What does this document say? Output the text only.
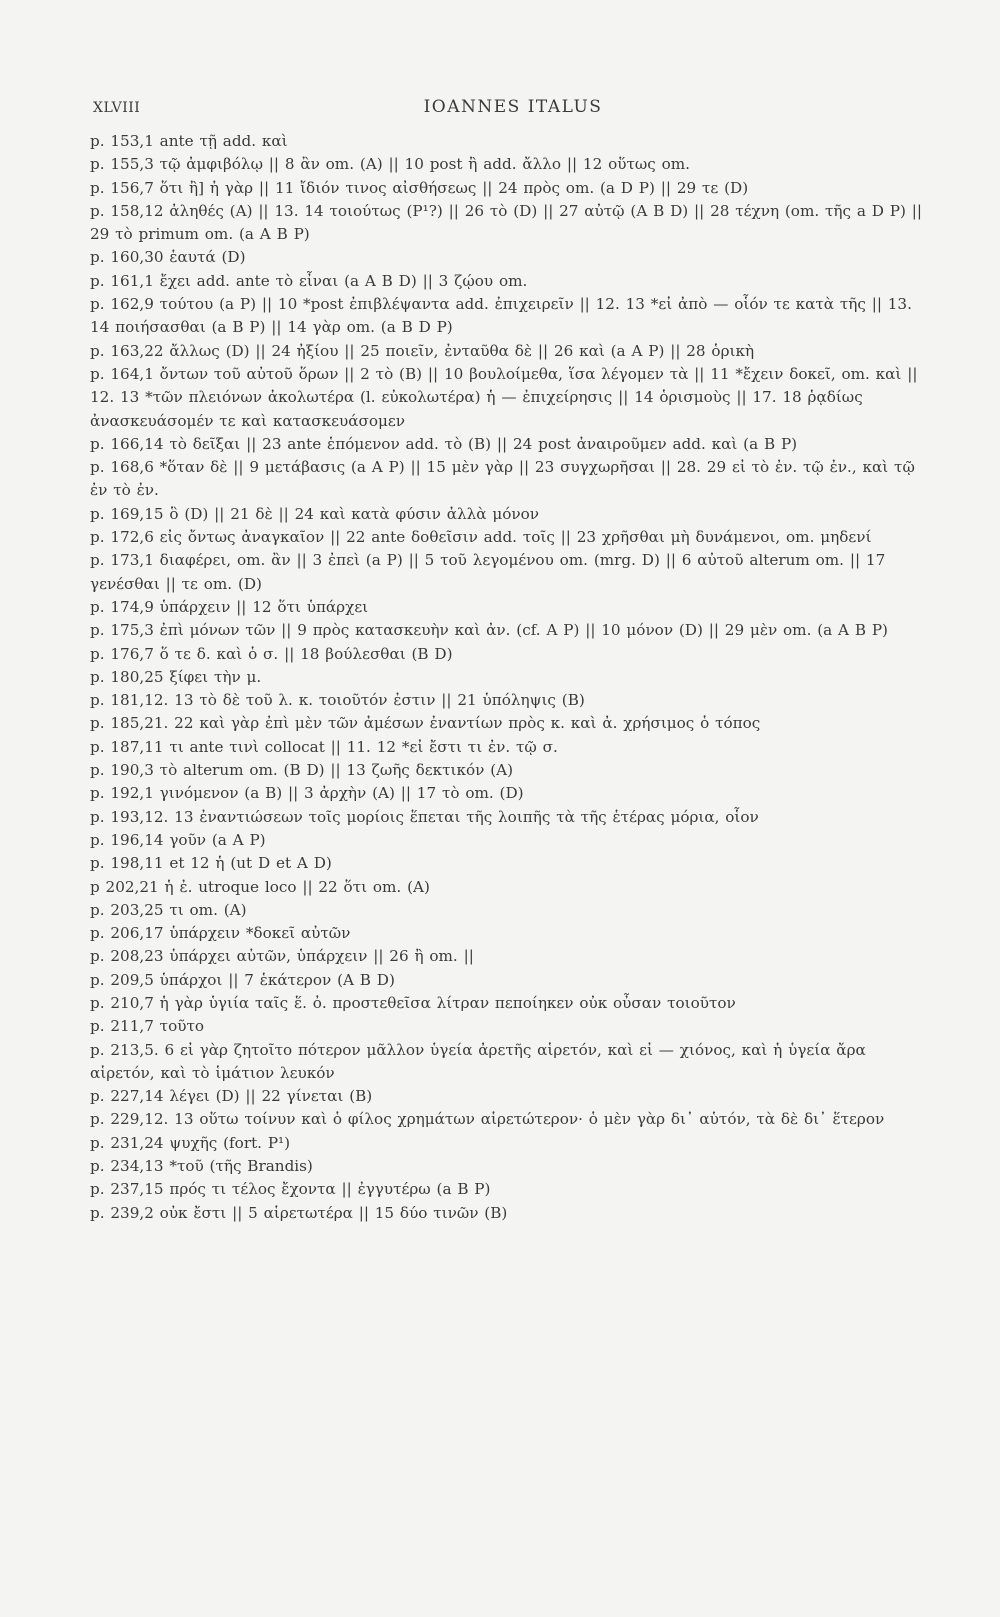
XLVIII	IOANNES ITALUS
p. 153,1 ante τῇ add. καὶ
p. 155,3 τῷ ἀμφιβόλῳ || 8 ἂν om. (A) || 10 post ἢ add. ἄλλο || 12 οὕτως om.
p. 156,7 ὅτι ἢ] ἡ γὰρ || 11 ἴδιόν τινος αἰσθήσεως || 24 πρὸς om. (a D P) || 29 τε (D)
p. 158,12 ἀληθές (A) || 13. 14 τοιούτως (P¹?) || 26 τὸ (D) || 27 αὐτῷ (A B D) || 28 τέχνη (om. τῆς a D P) || 29 τὸ primum om. (a A B P)
p. 160,30 ἑαυτά (D)
p. 161,1 ἔχει add. ante τὸ εἶναι (a A B D) || 3 ζῴου om.
p. 162,9 τούτου (a P) || 10 *post ἐπιβλέψαντα add. ἐπιχειρεῖν || 12. 13 *εἰ ἀπὸ — οἷόν τε κατὰ τῆς || 13. 14 ποιήσασθαι (a B P) || 14 γὰρ om. (a B D P)
p. 163,22 ἄλλως (D) || 24 ἠξίου || 25 ποιεῖν, ἐνταῦθα δὲ || 26 καὶ (a A P) || 28 ὁρικὴ
p. 164,1 ὄντων τοῦ αὐτοῦ ὅρων || 2 τὸ (B) || 10 βουλοίμεθα, ἵσα λέγομεν τὰ || 11 *ἔχειν δοκεῖ, om. καὶ || 12. 13 *τῶν πλειόνων ἀκολωτέρα (l. εὐκολωτέρα) ἡ — ἐπιχείρησις || 14 ὁρισμοὺς || 17. 18 ῥᾳδίως ἀνασκευάσομέν τε καὶ κατασκευάσομεν
p. 166,14 τὸ δεῖξαι || 23 ante ἑπόμενον add. τὸ (B) || 24 post ἀναιροῦμεν add. καὶ (a B P)
p. 168,6 *ὅταν δὲ || 9 μετάβασις (a A P) || 15 μὲν γὰρ || 23 συγχωρῆσαι || 28. 29 εἰ τὸ ἐν. τῷ ἐν., καὶ τῷ ἐν τὸ ἐν.
p. 169,15 ὃ (D) || 21 δὲ || 24 καὶ κατὰ φύσιν ἀλλὰ μόνον
p. 172,6 εἰς ὄντως ἀναγκαῖον || 22 ante δοθεῖσιν add. τοῖς || 23 χρῆσθαι μὴ δυνάμενοι, om. μηδενί
p. 173,1 διαφέρει, om. ἂν || 3 ἐπεὶ (a P) || 5 τοῦ λεγομένου om. (mrg. D) || 6 αὐτοῦ alterum om. || 17 γενέσθαι || τε om. (D)
p. 174,9 ὑπάρχειν || 12 ὅτι ὑπάρχει
p. 175,3 ἐπὶ μόνων τῶν || 9 πρὸς κατασκευὴν καὶ ἀν. (cf. A P) || 10 μόνον (D) || 29 μὲν om. (a A B P)
p. 176,7 ὅ τε δ. καὶ ὁ σ. || 18 βούλεσθαι (B D)
p. 180,25 ξίφει τὴν μ.
p. 181,12. 13 τὸ δὲ τοῦ λ. κ. τοιοῦτόν ἐστιν || 21 ὑπόληψις (B)
p. 185,21. 22 καὶ γὰρ ἐπὶ μὲν τῶν ἀμέσων ἐναντίων πρὸς κ. καὶ ἀ. χρήσιμος ὁ τόπος
p. 187,11 τι ante τινὶ collocat || 11. 12 *εἰ ἔστι τι ἐν. τῷ σ.
p. 190,3 τὸ alterum om. (B D) || 13 ζωῆς δεκτικόν (A)
p. 192,1 γινόμενον (a B) || 3 ἀρχὴν (A) || 17 τὸ om. (D)
p. 193,12. 13 ἐναντιώσεων τοῖς μορίοις ἕπεται τῆς λοιπῆς τὰ τῆς ἑτέρας μόρια, οἷον
p. 196,14 γοῦν (a A P)
p. 198,11 et 12 ἡ (ut D et A D)
p 202,21 ἡ ἐ. utroque loco || 22 ὅτι om. (A)
p. 203,25 τι om. (A)
p. 206,17 ὑπάρχειν *δοκεῖ αὐτῶν
p. 208,23 ὑπάρχει αὐτῶν, ὑπάρχειν || 26 ἢ om. ||
p. 209,5 ὑπάρχοι || 7 ἑκάτερον (A B D)
p. 210,7 ἡ γὰρ ὑγιία ταῖς ἕ. ὀ. προστεθεῖσα λίτραν πεποίηκεν οὐκ οὖσαν τοιοῦτον
p. 211,7 τοῦτο
p. 213,5. 6 εἰ γὰρ ζητοῖτο πότερον μᾶλλον ὑγεία ἀρετῆς αἱρετόν, καὶ εἰ — χιόνος, καὶ ἡ ὑγεία ἄρα αἱρετόν, καὶ τὸ ἱμάτιον λευκόν
p. 227,14 λέγει (D) || 22 γίνεται (B)
p. 229,12. 13 οὕτω τοίνυν καὶ ὁ φίλος χρημάτων αἱρετώτερον· ὁ μὲν γὰρ δι᾽ αὑτόν, τὰ δὲ δι᾽ ἕτερον
p. 231,24 ψυχῆς (fort. P¹)
p. 234,13 *τοῦ (τῆς Brandis)
p. 237,15 πρός τι τέλος ἔχοντα || ἐγγυτέρω (a B P)
p. 239,2 οὐκ ἔστι || 5 αἱρετωτέρα || 15 δύο τινῶν (B)
